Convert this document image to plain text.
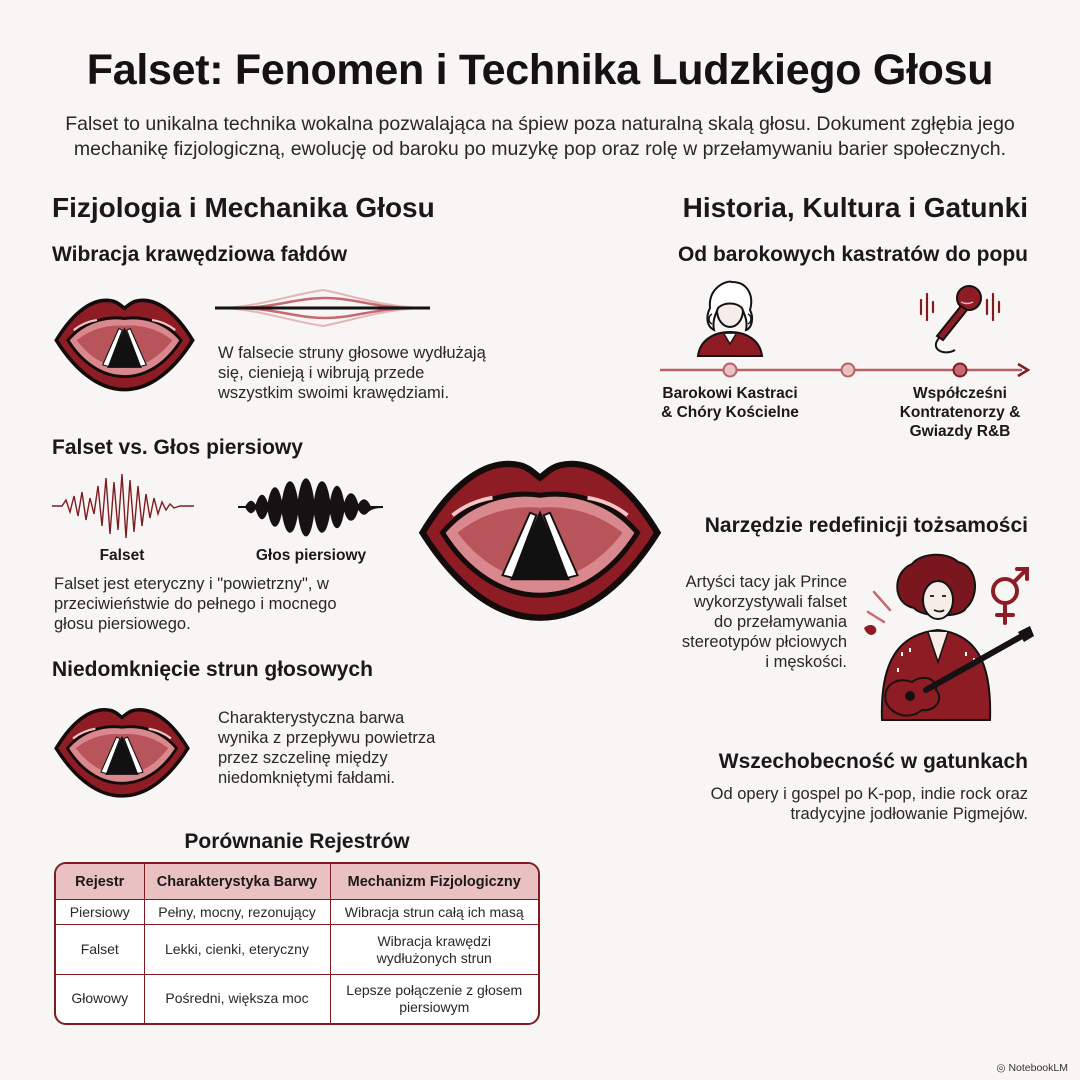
Falset: Fenomen i Technika Ludzkiego Głosu
Falset to unikalna technika wokalna pozwalająca na śpiew poza naturalną skalą głosu. Dokument zgłębia jego mechanikę fizjologiczną, ewolucję od baroku po muzykę pop oraz rolę w przełamywaniu barier społecznych.
Fizjologia i Mechanika Głosu
Wibracja krawędziowa fałdów
W falsecie struny głosowe wydłużają się, cienieją i wibrują przede wszystkim swoimi krawędziami.
Falset vs. Głos piersiowy
Falset	Głos piersiowy
Falset jest eteryczny i "powietrzny", w przeciwieństwie do pełnego i mocnego głosu piersiowego.
Niedomknięcie strun głosowych
Charakterystyczna barwa wynika z przepływu powietrza przez szczelinę między niedomkniętymi fałdami.
Porównanie Rejestrów
Rejestr	Charakterystyka Barwy	Mechanizm Fizjologiczny
Piersiowy	Pełny, mocny, rezonujący	Wibracja strun całą ich masą
Falset	Lekki, cienki, eteryczny	Wibracja krawędzi wydłużonych strun
Głowowy	Pośredni, większa moc	Lepsze połączenie z głosem piersiowym
Historia, Kultura i Gatunki
Od barokowych kastratów do popu
Barokowi Kastraci & Chóry Kościelne
Współcześni Kontratenorzy & Gwiazdy R&B
Narzędzie redefinicji tożsamości
Artyści tacy jak Prince wykorzystywali falset do przełamywania stereotypów płciowych i męskości.
Wszechobecność w gatunkach
Od opery i gospel po K-pop, indie rock oraz tradycyjne jodłowanie Pigmejów.
◎ NotebookLM
